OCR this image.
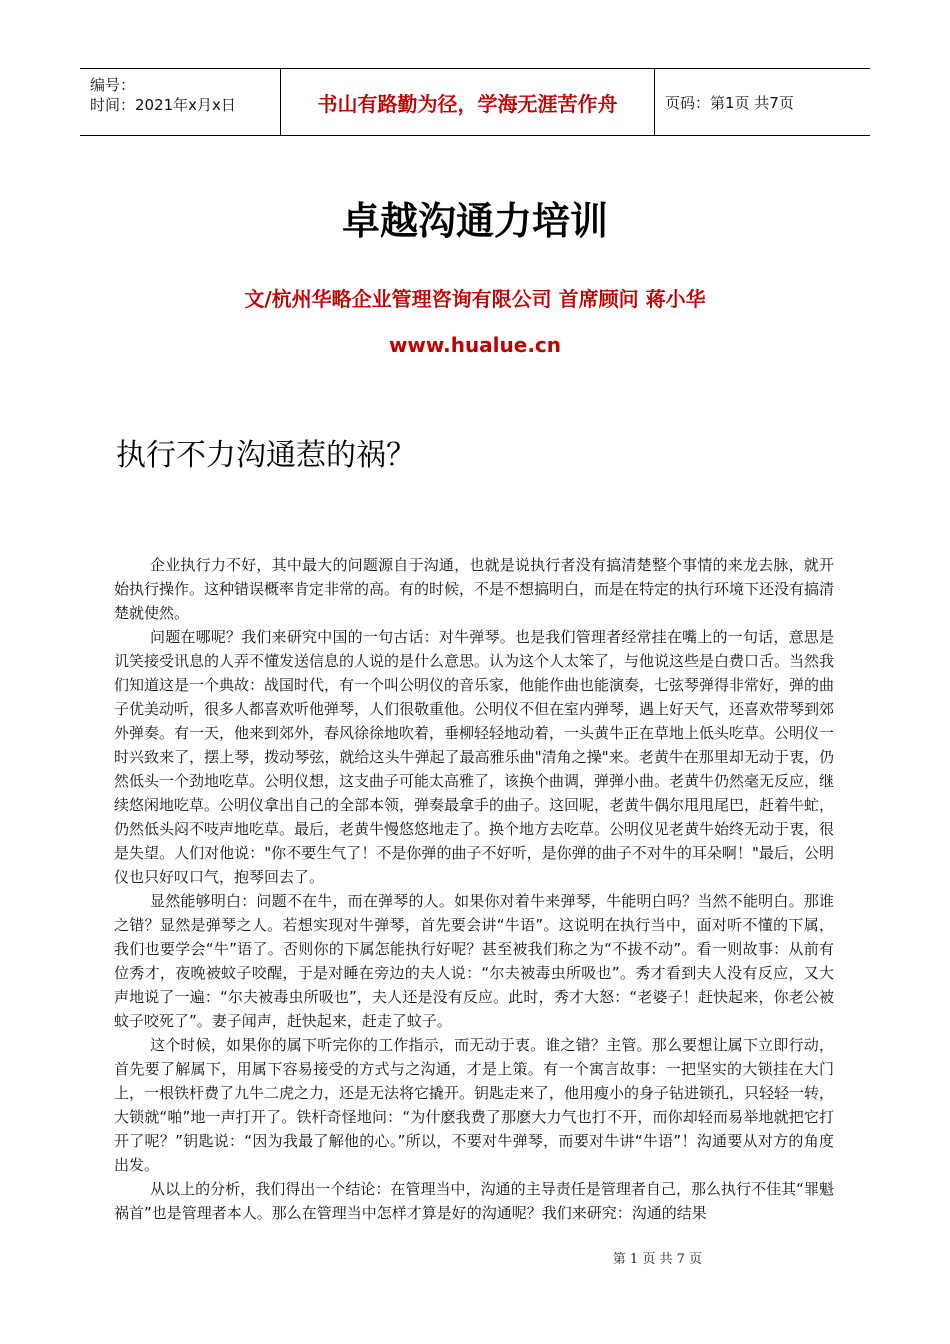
编号：
时间：2021年x月x日	书山有路勤为径，学海无涯苦作舟	页码：第1页 共7页
卓越沟通力培训
文/杭州华略企业管理咨询有限公司 首席顾问 蒋小华
www.hualue.cn
执行不力沟通惹的祸？

企业执行力不好，其中最大的问题源自于沟通，也就是说执行者没有搞清楚整个事情的来龙去脉，就开始执行操作。这种错误概率肯定非常的高。有的时候，不是不想搞明白，而是在特定的执行环境下还没有搞清楚就使然。

问题在哪呢？我们来研究中国的一句古话：对牛弹琴。也是我们管理者经常挂在嘴上的一句话，意思是讥笑接受讯息的人弄不懂发送信息的人说的是什么意思。认为这个人太笨了，与他说这些是白费口舌。当然我们知道这是一个典故：战国时代，有一个叫公明仪的音乐家，他能作曲也能演奏，七弦琴弹得非常好，弹的曲子优美动听，很多人都喜欢听他弹琴，人们很敬重他。公明仪不但在室内弹琴，遇上好天气，还喜欢带琴到郊外弹奏。有一天，他来到郊外，春风徐徐地吹着，垂柳轻轻地动着，一头黄牛正在草地上低头吃草。公明仪一时兴致来了，摆上琴，拨动琴弦，就给这头牛弹起了最高雅乐曲"清角之操"来。老黄牛在那里却无动于衷，仍然低头一个劲地吃草。公明仪想，这支曲子可能太高雅了，该换个曲调，弹弹小曲。老黄牛仍然毫无反应，继续悠闲地吃草。公明仪拿出自己的全部本领，弹奏最拿手的曲子。这回呢，老黄牛偶尔甩甩尾巴，赶着牛虻，仍然低头闷不吱声地吃草。最后，老黄牛慢悠悠地走了。换个地方去吃草。公明仪见老黄牛始终无动于衷，很是失望。人们对他说："你不要生气了！不是你弹的曲子不好听，是你弹的曲子不对牛的耳朵啊！"最后，公明仪也只好叹口气，抱琴回去了。

显然能够明白：问题不在牛，而在弹琴的人。如果你对着牛来弹琴，牛能明白吗？当然不能明白。那谁之错？显然是弹琴之人。若想实现对牛弹琴，首先要会讲“牛语”。这说明在执行当中，面对听不懂的下属，我们也要学会“牛”语了。否则你的下属怎能执行好呢？甚至被我们称之为“不拔不动”。看一则故事：从前有位秀才，夜晚被蚊子咬醒，于是对睡在旁边的夫人说：“尔夫被毒虫所吸也”。秀才看到夫人没有反应，又大声地说了一遍：“尔夫被毒虫所吸也”，夫人还是没有反应。此时，秀才大怒：“老婆子！赶快起来，你老公被蚊子咬死了”。妻子闻声，赶快起来，赶走了蚊子。

这个时候，如果你的属下听完你的工作指示，而无动于衷。谁之错？主管。那么要想让属下立即行动，首先要了解属下，用属下容易接受的方式与之沟通，才是上策。有一个寓言故事：一把坚实的大锁挂在大门上，一根铁杆费了九牛二虎之力，还是无法将它撬开。钥匙走来了，他用瘦小的身子钻进锁孔，只轻轻一转，大锁就“啪”地一声打开了。铁杆奇怪地问：“为什麽我费了那麽大力气也打不开，而你却轻而易举地就把它打开了呢？”钥匙说：“因为我最了解他的心。”所以，不要对牛弹琴，而要对牛讲“牛语”！沟通要从对方的角度出发。

从以上的分析，我们得出一个结论：在管理当中，沟通的主导责任是管理者自己，那么执行不佳其“罪魁祸首”也是管理者本人。那么在管理当中怎样才算是好的沟通呢？我们来研究：沟通的结果

第 1 页 共 7 页
